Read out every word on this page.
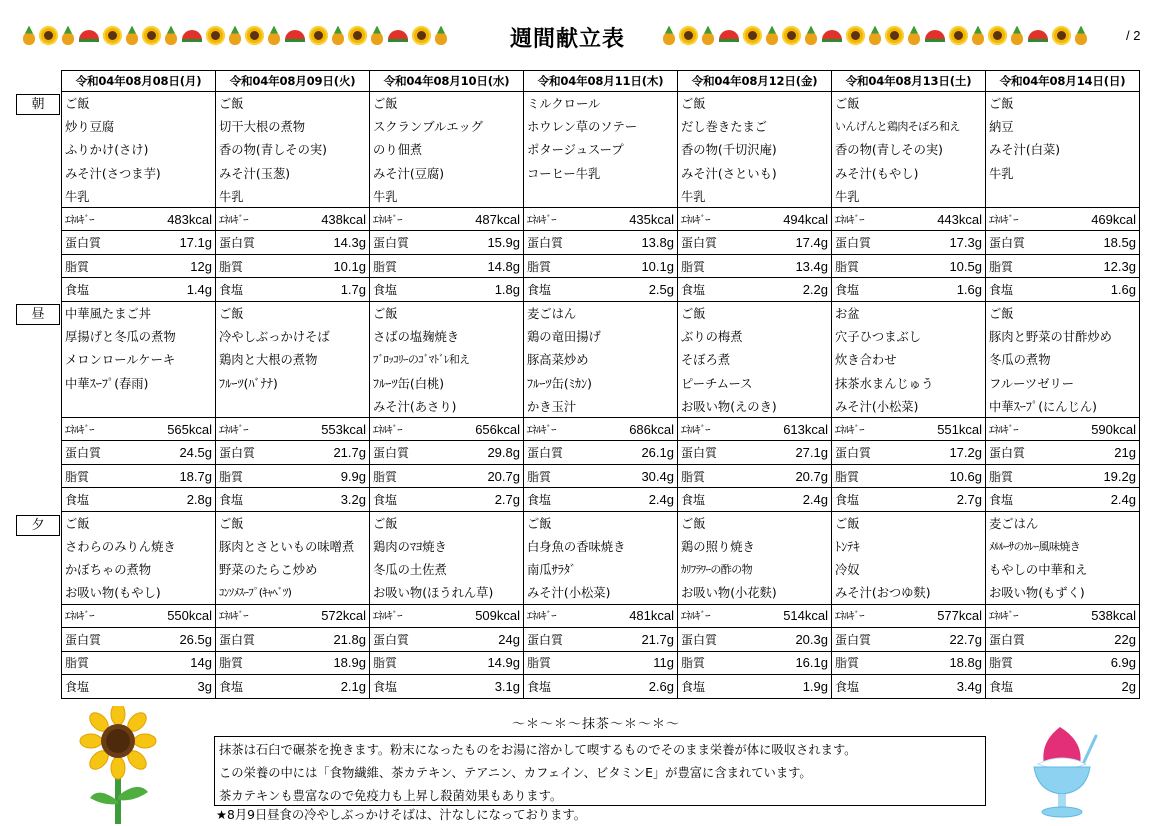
週間献立表	/ 2
令和04年08月08日(月)	令和04年08月09日(火)	令和04年08月10日(水)	令和04年08月11日(木)	令和04年08月12日(金)	令和04年08月13日(土)	令和04年08月14日(日)
ご飯	ご飯	ご飯	ミルクロール	ご飯	ご飯	ご飯
炒り豆腐	切干大根の煮物	スクランブルエッグ	ホウレン草のソテー	だし巻きたまご	いんげんと鶏肉そぼろ和え	納豆
ふりかけ(さけ)	香の物(青しその実)	のり佃煮	ポタージュスープ	香の物(千切沢庵)	香の物(青しその実)	みそ汁(白菜)
みそ汁(さつま芋)	みそ汁(玉葱)	みそ汁(豆腐)	コーヒー牛乳	みそ汁(さといも)	みそ汁(もやし)	牛乳
牛乳	牛乳	牛乳		牛乳	牛乳	

ｴﾈﾙｷﾞｰ 483kcal	ｴﾈﾙｷﾞｰ 438kcal	ｴﾈﾙｷﾞｰ 487kcal	ｴﾈﾙｷﾞｰ 435kcal	ｴﾈﾙｷﾞｰ 494kcal	ｴﾈﾙｷﾞｰ 443kcal	ｴﾈﾙｷﾞｰ 469kcal

蛋白質 17.1g	蛋白質 14.3g	蛋白質 15.9g	蛋白質 13.8g	蛋白質 17.4g	蛋白質 17.3g	蛋白質 18.5g

脂質 12g	脂質 10.1g	脂質 14.8g	脂質 10.1g	脂質 13.4g	脂質 10.5g	脂質 12.3g

食塩 1.4g	食塩 1.7g	食塩 1.8g	食塩 2.5g	食塩 2.2g	食塩 1.6g	食塩 1.6g

中華風たまご丼	ご飯	ご飯	麦ごはん	ご飯	お盆	ご飯
厚揚げと冬瓜の煮物	冷やしぶっかけそば	さばの塩麹焼き	鶏の竜田揚げ	ぶりの梅煮	穴子ひつまぶし	豚肉と野菜の甘酢炒め
メロンロールケーキ	鶏肉と大根の煮物	ﾌﾞﾛｯｺﾘｰのｺﾞﾏﾄﾞﾚ和え	豚高菜炒め	そぼろ煮	炊き合わせ	冬瓜の煮物
中華ｽｰﾌﾟ(春雨)	ﾌﾙｰﾂ(ﾊﾞﾅﾅ)	ﾌﾙｰﾂ缶(白桃)	ﾌﾙｰﾂ缶(ﾐｶﾝ)	ピーチムース	抹茶水まんじゅう	フルーツゼリー
		みそ汁(あさり)	かき玉汁	お吸い物(えのき)	みそ汁(小松菜)	中華ｽｰﾌﾟ(にんじん)

ｴﾈﾙｷﾞｰ 565kcal	ｴﾈﾙｷﾞｰ 553kcal	ｴﾈﾙｷﾞｰ 656kcal	ｴﾈﾙｷﾞｰ 686kcal	ｴﾈﾙｷﾞｰ 613kcal	ｴﾈﾙｷﾞｰ 551kcal	ｴﾈﾙｷﾞｰ 590kcal

蛋白質 24.5g	蛋白質 21.7g	蛋白質 29.8g	蛋白質 26.1g	蛋白質 27.1g	蛋白質 17.2g	蛋白質 21g

脂質 18.7g	脂質 9.9g	脂質 20.7g	脂質 30.4g	脂質 20.7g	脂質 10.6g	脂質 19.2g

食塩 2.8g	食塩 3.2g	食塩 2.7g	食塩 2.4g	食塩 2.4g	食塩 2.7g	食塩 2.4g

ご飯	ご飯	ご飯	ご飯	ご飯	ご飯	麦ごはん
さわらのみりん焼き	豚肉とさといもの味噌煮	鶏肉のﾏﾖ焼き	白身魚の香味焼き	鶏の照り焼き	ﾄﾝﾃｷ	ﾒﾙﾙｰｻのｶﾚｰ風味焼き
かぼちゃの煮物	野菜のたらこ炒め	冬瓜の土佐煮	南瓜ｻﾗﾀﾞ	ｶﾘﾌﾗﾜｰの酢の物	冷奴	もやしの中華和え
お吸い物(もやし)	ｺﾝｿﾒｽｰﾌﾟ(ｷｬﾍﾞﾂ)	お吸い物(ほうれん草)	みそ汁(小松菜)	お吸い物(小花麩)	みそ汁(おつゆ麩)	お吸い物(もずく)

ｴﾈﾙｷﾞｰ 550kcal	ｴﾈﾙｷﾞｰ 572kcal	ｴﾈﾙｷﾞｰ 509kcal	ｴﾈﾙｷﾞｰ 481kcal	ｴﾈﾙｷﾞｰ 514kcal	ｴﾈﾙｷﾞｰ 577kcal	ｴﾈﾙｷﾞｰ 538kcal

蛋白質 26.5g	蛋白質 21.8g	蛋白質 24g	蛋白質 21.7g	蛋白質 20.3g	蛋白質 22.7g	蛋白質 22g

脂質 14g	脂質 18.9g	脂質 14.9g	脂質 11g	脂質 16.1g	脂質 18.8g	脂質 6.9g

食塩 3g	食塩 2.1g	食塩 3.1g	食塩 2.6g	食塩 1.9g	食塩 3.4g	食塩 2g
朝
昼
夕
～＊～＊～抹茶～＊～＊～
抹茶は石臼で碾茶を挽きます。粉末になったものをお湯に溶かして喫するものでそのまま栄養が体に吸収されます。
この栄養の中には「食物繊維、茶カテキン、テアニン、カフェイン、ビタミンE」が豊富に含まれています。
茶カテキンも豊富なので免疫力も上昇し殺菌効果もあります。
★8月9日昼食の冷やしぶっかけそばは、汁なしになっております。
